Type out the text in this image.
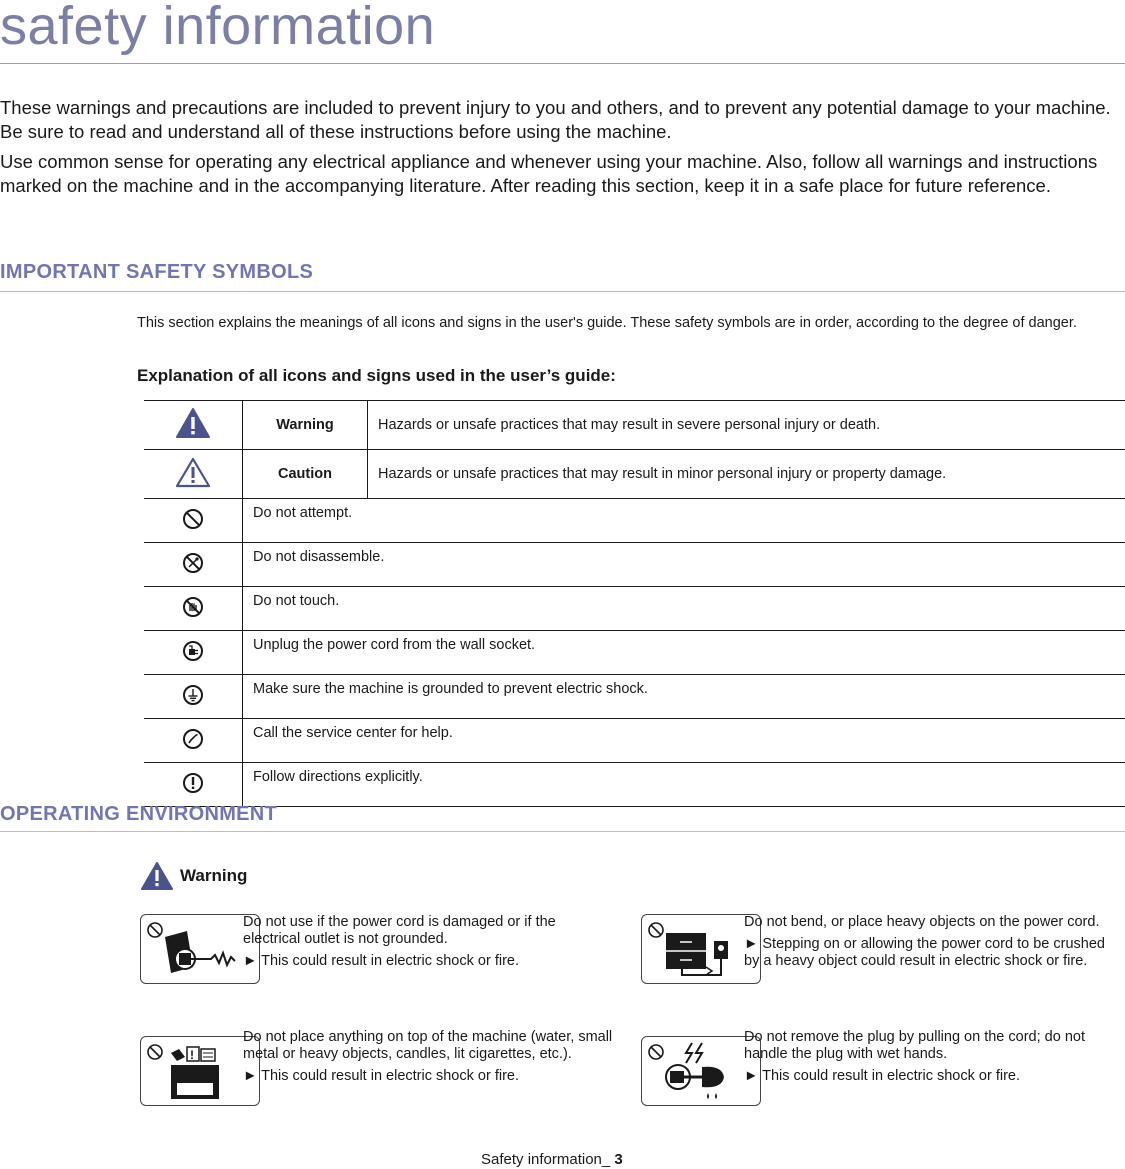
safety information

These warnings and precautions are included to prevent injury to you and others, and to prevent any potential damage to your machine. Be sure to read and understand all of these instructions before using the machine.

Use common sense for operating any electrical appliance and whenever using your machine. Also, follow all warnings and instructions marked on the machine and in the accompanying literature. After reading this section, keep it in a safe place for future reference.

IMPORTANT SAFETY SYMBOLS

This section explains the meanings of all icons and signs in the user's guide. These safety symbols are in order, according to the degree of danger.

Explanation of all icons and signs used in the user’s guide:

	Warning	Hazards or unsafe practices that may result in severe personal injury or death.
	Caution	Hazards or unsafe practices that may result in minor personal injury or property damage.
	Do not attempt.	
	Do not disassemble.	
	Do not touch.	
	Unplug the power cord from the wall socket.	
	Make sure the machine is grounded to prevent electric shock.	
	Call the service center for help.	
	Follow directions explicitly.	
OPERATING ENVIRONMENT
Warning

Do not use if the power cord is damaged or if the electrical outlet is not grounded.

► This could result in electric shock or fire.

Do not bend, or place heavy objects on the power cord.

► Stepping on or allowing the power cord to be crushed by a heavy object could result in electric shock or fire.

!

Do not place anything on top of the machine (water, small metal or heavy objects, candles, lit cigarettes, etc.).

► This could result in electric shock or fire.

Do not remove the plug by pulling on the cord; do not handle the plug with wet hands.

► This could result in electric shock or fire.

Safety information_ 3
